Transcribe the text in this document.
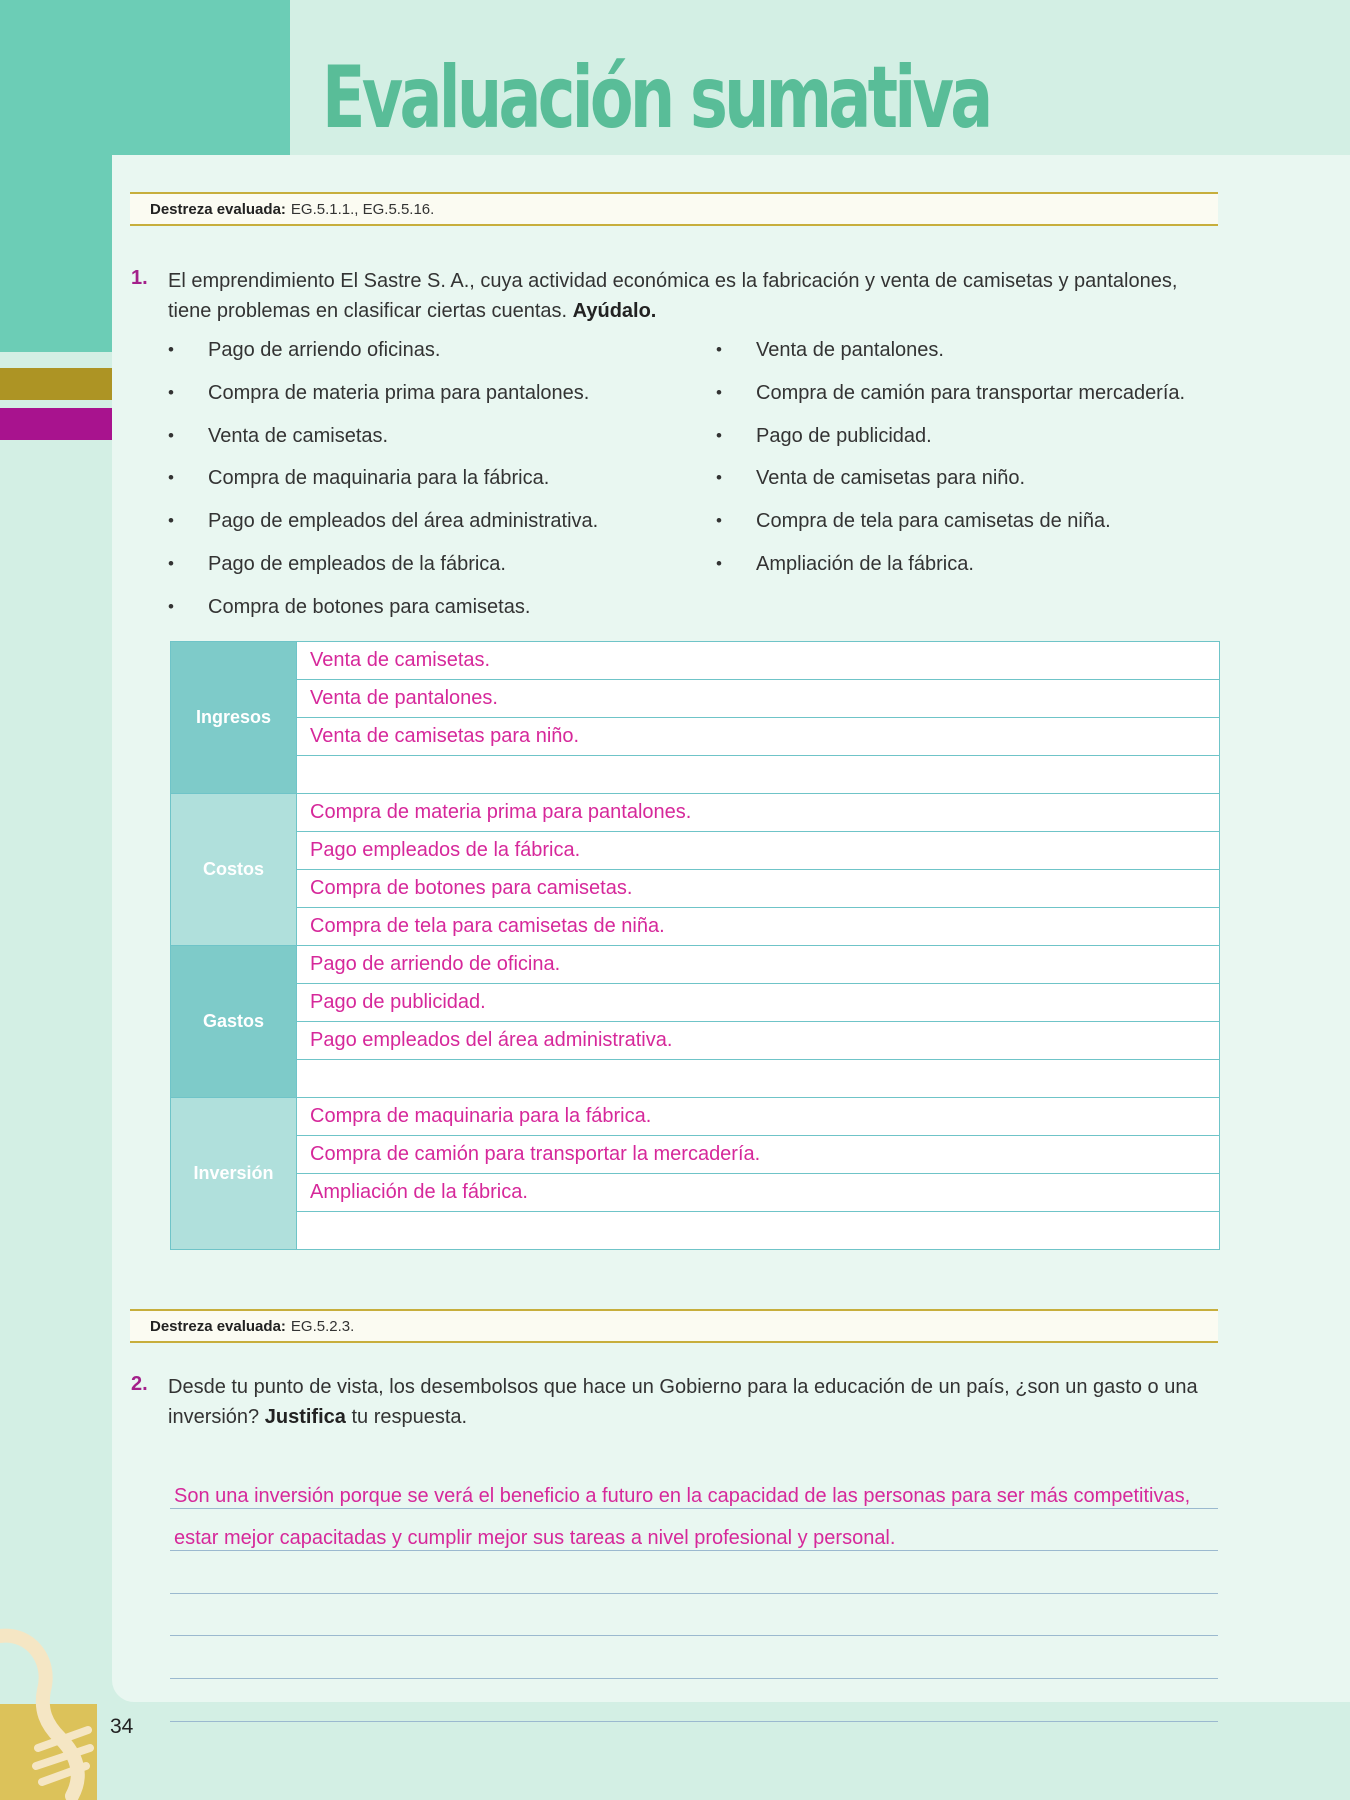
Evaluación sumativa
34
Destreza evaluada: EG.5.1.1., EG.5.5.16.
1. El emprendimiento El Sastre S. A., cuya actividad económica es la fabricación y venta de camisetas y pantalones, tiene problemas en clasificar ciertas cuentas. Ayúdalo.
• Pago de arriendo oficinas.
• Compra de materia prima para pantalones.
• Venta de camisetas.
• Compra de maquinaria para la fábrica.
• Pago de empleados del área administrativa.
• Pago de empleados de la fábrica.
• Compra de botones para camisetas.
• Venta de pantalones.
• Compra de camión para transportar mercadería.
• Pago de publicidad.
• Venta de camisetas para niño.
• Compra de tela para camisetas de niña.
• Ampliación de la fábrica.
Ingresos	Venta de camisetas.
	Venta de pantalones.
	Venta de camisetas para niño.

Costos	Compra de materia prima para pantalones.
	Pago empleados de la fábrica.
	Compra de botones para camisetas.
	Compra de tela para camisetas de niña.
Gastos	Pago de arriendo de oficina.
	Pago de publicidad.
	Pago empleados del área administrativa.

Inversión	Compra de maquinaria para la fábrica.
	Compra de camión para transportar la mercadería.
	Ampliación de la fábrica.

Destreza evaluada: EG.5.2.3.
2. Desde tu punto de vista, los desembolsos que hace un Gobierno para la educación de un país, ¿son un gasto o una inversión? Justifica tu respuesta.
Son una inversión porque se verá el beneficio a futuro en la capacidad de las personas para ser más competitivas,
estar mejor capacitadas y cumplir mejor sus tareas a nivel profesional y personal.
